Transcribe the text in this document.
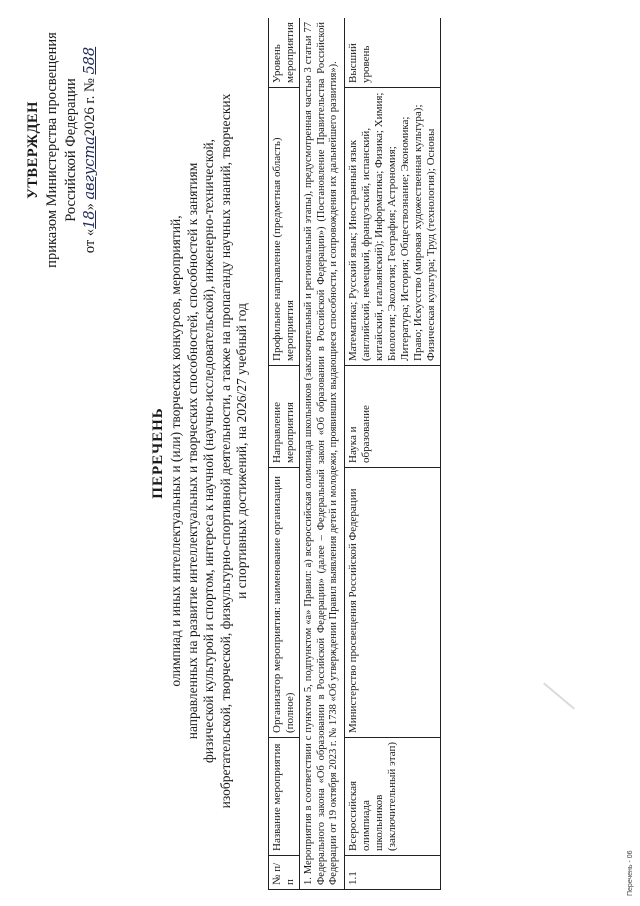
УТВЕРЖДЕН приказом Министерства просвещения Российской Федерации
от «18» августа2026 г. № 588
ПЕРЕЧЕНЬ олимпиад и иных интеллектуальных и (или) творческих конкурсов, мероприятий, направленных на развитие интеллектуальных и творческих способностей, способностей к занятиям физической культурой и спортом, интереса к научной (научно-исследовательской), инженерно-технической, изобретательской, творческой, физкультурно-спортивной деятельности, а также на пропаганду научных знаний, творческих и спортивных достижений, на 2026/27 учебный год
№ п/п	Название мероприятия	Организатор мероприятия: наименование организации (полное)	Направление мероприятия	Профильное направление (предметная область) мероприятия	Уровень мероприятия
1. Мероприятия в соответствии с пунктом 5, подпунктом «а» Правил: а) всероссийская олимпиада школьников (заключительный и региональный этапы), предусмотренная частью 3 статьи 77 Федерального закона «Об образовании в Российской Федерации» (далее – Федеральный закон «Об образовании в Российской Федерации») (Постановление Правительства Российской Федерации от 19 октября 2023 г. № 1738 «Об утверждении Правил выявления детей и молодежи, проявивших выдающиеся способности, и сопровождения их дальнейшего развития»).					
1.1	Всероссийская олимпиада школьников (заключительный этап)	Министерство просвещения Российской Федерации	Наука и образование	Математика; Русский язык; Иностранный язык (английский, немецкий, французский, испанский, китайский, итальянский); Информатика; Физика; Химия; Биология; Экология; География; Астрономия; Литература; История; Обществознание; Экономика; Право; Искусство (мировая художественная культура); Физическая культура; Труд (технология); Основы	Высший уровень
Перечень - 06
